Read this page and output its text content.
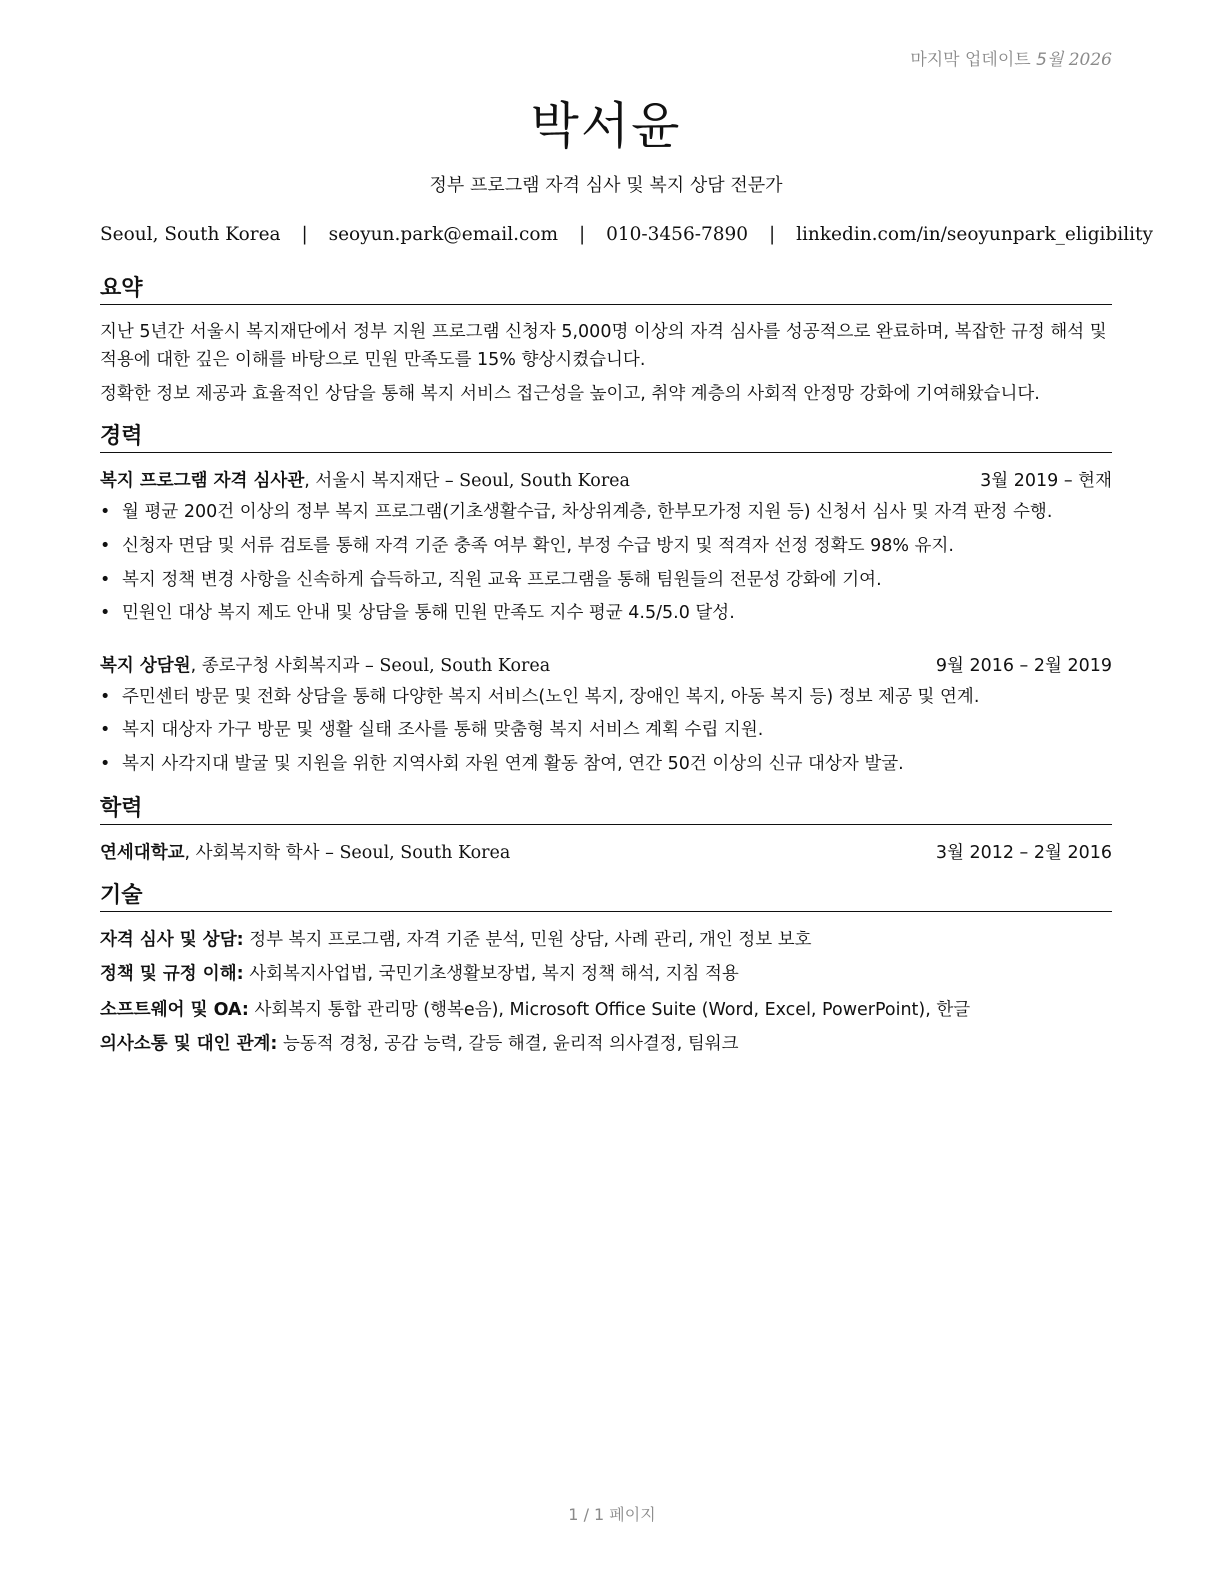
마지막 업데이트 5월 2026
박서윤
정부 프로그램 자격 심사 및 복지 상담 전문가
Seoul, South Korea | seoyun.park@email.com | 010-3456-7890 | linkedin.com/in/seoyunpark_eligibility
요약
지난 5년간 서울시 복지재단에서 정부 지원 프로그램 신청자 5,000명 이상의 자격 심사를 성공적으로 완료하며, 복잡한 규정 해석 및 적용에 대한 깊은 이해를 바탕으로 민원 만족도를 15% 향상시켰습니다.
정확한 정보 제공과 효율적인 상담을 통해 복지 서비스 접근성을 높이고, 취약 계층의 사회적 안정망 강화에 기여해왔습니다.
경력
복지 프로그램 자격 심사관, 서울시 복지재단 – Seoul, South Korea	3월 2019 – 현재
• 월 평균 200건 이상의 정부 복지 프로그램(기초생활수급, 차상위계층, 한부모가정 지원 등) 신청서 심사 및 자격 판정 수행.
• 신청자 면담 및 서류 검토를 통해 자격 기준 충족 여부 확인, 부정 수급 방지 및 적격자 선정 정확도 98% 유지.
• 복지 정책 변경 사항을 신속하게 습득하고, 직원 교육 프로그램을 통해 팀원들의 전문성 강화에 기여.
• 민원인 대상 복지 제도 안내 및 상담을 통해 민원 만족도 지수 평균 4.5/5.0 달성.
복지 상담원, 종로구청 사회복지과 – Seoul, South Korea	9월 2016 – 2월 2019
• 주민센터 방문 및 전화 상담을 통해 다양한 복지 서비스(노인 복지, 장애인 복지, 아동 복지 등) 정보 제공 및 연계.
• 복지 대상자 가구 방문 및 생활 실태 조사를 통해 맞춤형 복지 서비스 계획 수립 지원.
• 복지 사각지대 발굴 및 지원을 위한 지역사회 자원 연계 활동 참여, 연간 50건 이상의 신규 대상자 발굴.
학력
연세대학교, 사회복지학 학사 – Seoul, South Korea	3월 2012 – 2월 2016
기술
자격 심사 및 상담: 정부 복지 프로그램, 자격 기준 분석, 민원 상담, 사례 관리, 개인 정보 보호
정책 및 규정 이해: 사회복지사업법, 국민기초생활보장법, 복지 정책 해석, 지침 적용
소프트웨어 및 OA: 사회복지 통합 관리망 (행복e음), Microsoft Office Suite (Word, Excel, PowerPoint), 한글
의사소통 및 대인 관계: 능동적 경청, 공감 능력, 갈등 해결, 윤리적 의사결정, 팀워크
1 / 1 페이지
